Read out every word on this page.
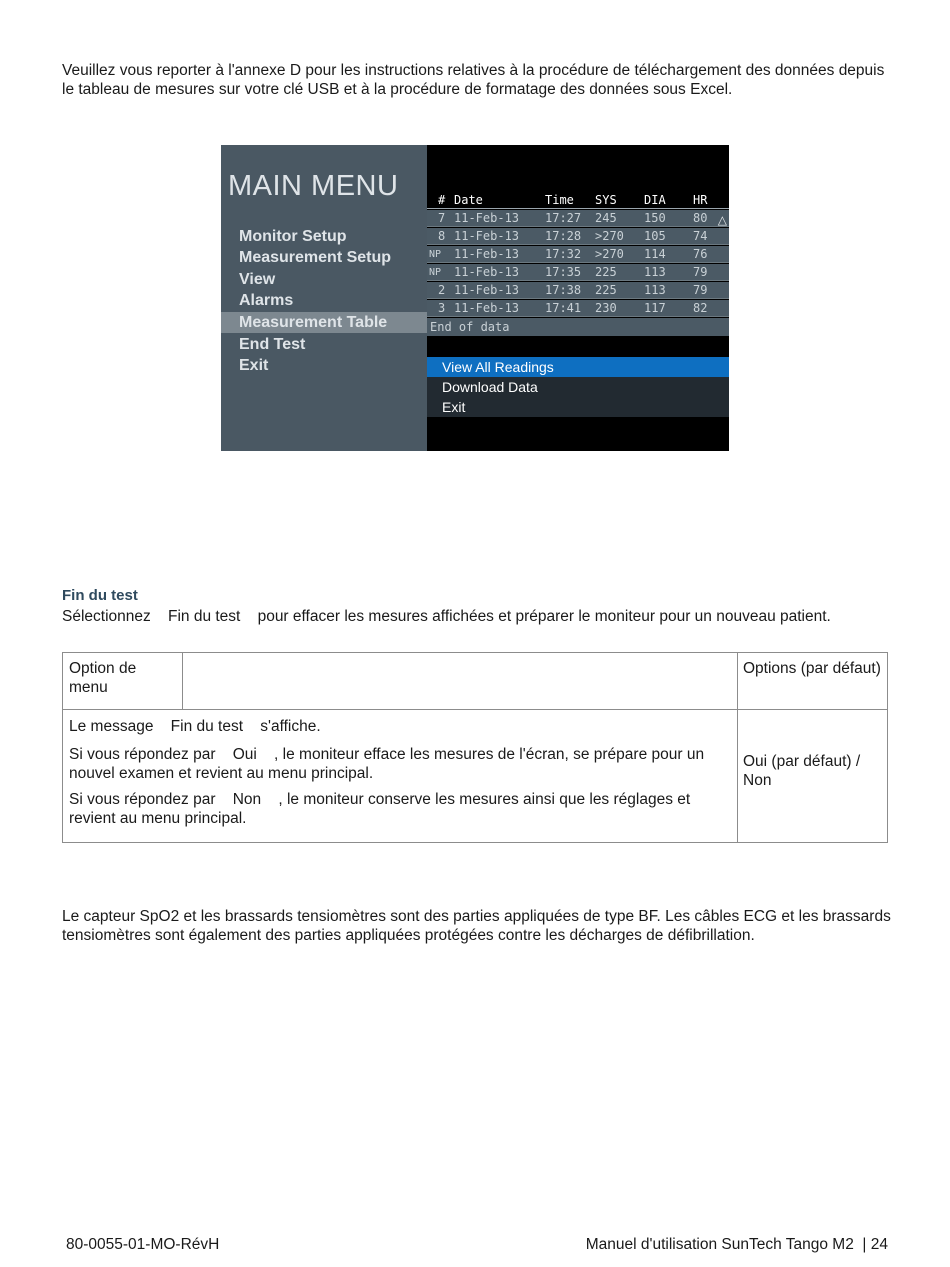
Veuillez vous reporter à l'annexe D pour les instructions relatives à la procédure de téléchargement des données depuis le tableau de mesures sur votre clé USB et à la procédure de formatage des données sous Excel.
MAIN MENU
Monitor Setup
Measurement Setup
View
Alarms
Measurement Table
End Test
Exit
# Date	Time SYS DIA HR
7 11-Feb-13 17:27 245 150 80
8 11-Feb-13 17:28 >270 105 74
NP 11-Feb-13 17:32 >270 114 76
NP 11-Feb-13 17:35 225 113 79
2 11-Feb-13 17:38 225 113 79
3 11-Feb-13 17:41 230 117 82
End of data
△
View All Readings
Download Data
Exit
Fin du test
Sélectionnez    Fin du test    pour effacer les mesures affichées et préparer le moniteur pour un nouveau patient.
Option de menu
Options (par défaut)
Le message    Fin du test    s'affiche.
Si vous répondez par    Oui    , le moniteur efface les mesures de l'écran, se prépare pour un nouvel examen et revient au menu principal.
Si vous répondez par    Non    , le moniteur conserve les mesures ainsi que les réglages et revient au menu principal.
Oui (par défaut) / Non
Le capteur SpO2 et les brassards tensiomètres sont des parties appliquées de type BF. Les câbles ECG et les brassards tensiomètres sont également des parties appliquées protégées contre les décharges de défibrillation.
80-0055-01-MO-RévH	Manuel d'utilisation SunTech Tango M2  | 24
